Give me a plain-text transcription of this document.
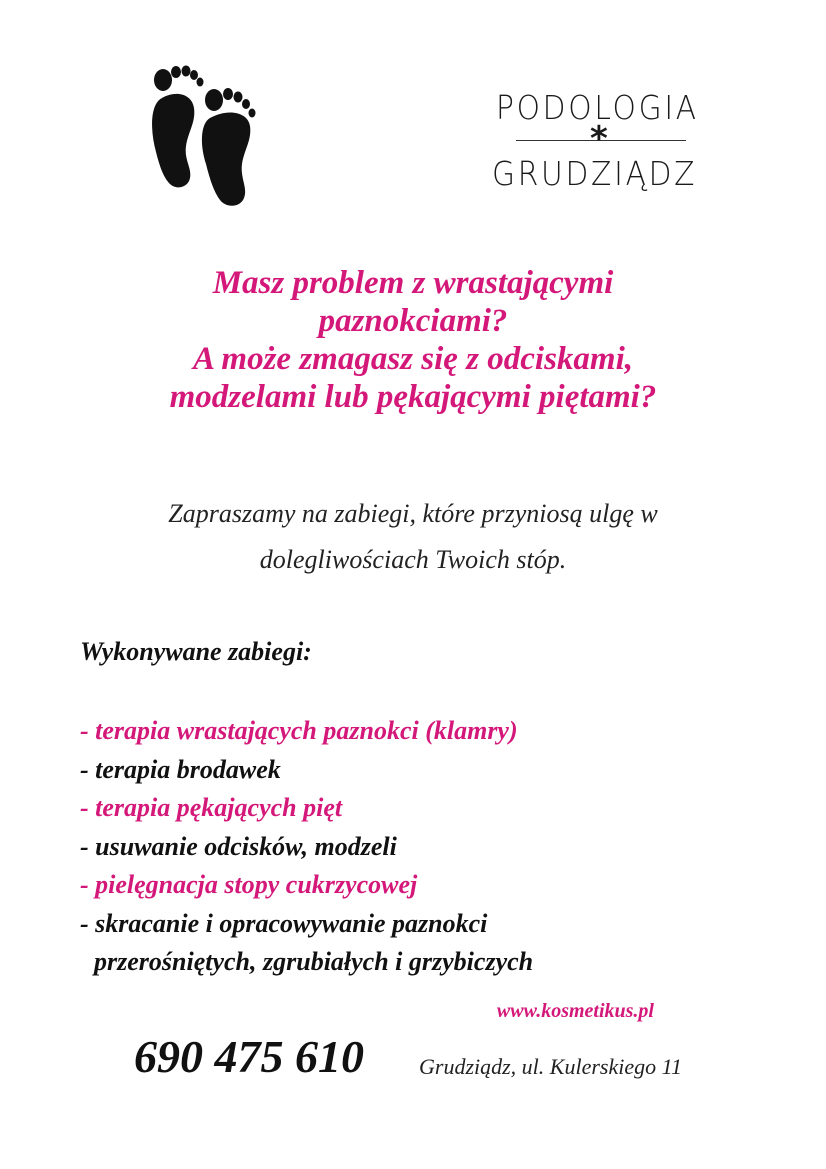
PODOLOGIA
*
GRUDZIĄDZ
Masz problem z wrastającymi
paznokciami?
A może zmagasz się z odciskami,
modzelami lub pękającymi piętami?
Zapraszamy na zabiegi, które przyniosą ulgę w
dolegliwościach Twoich stóp.
Wykonywane zabiegi:
- terapia wrastających paznokci (klamry)
- terapia brodawek
- terapia pękających pięt
- usuwanie odcisków, modzeli
- pielęgnacja stopy cukrzycowej
- skracanie i opracowywanie paznokci
przerośniętych, zgrubiałych i grzybiczych
www.kosmetikus.pl
690 475 610	Grudziądz, ul. Kulerskiego 11
